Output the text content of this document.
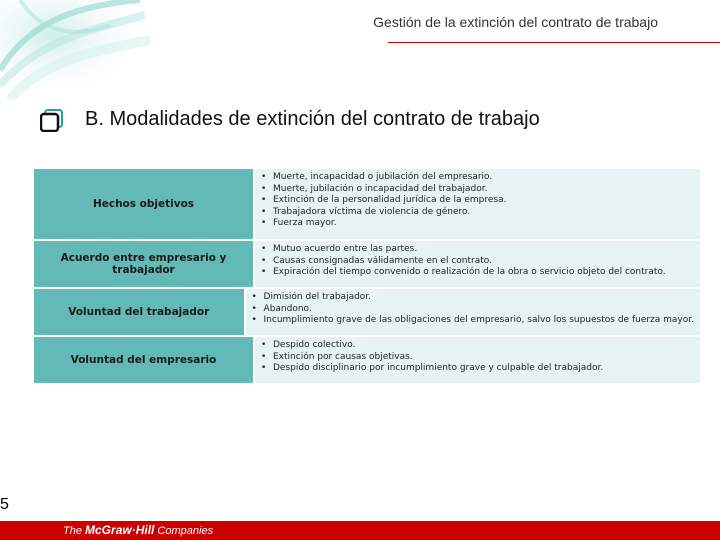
Gestión de la extinción del contrato de trabajo
B. Modalidades de extinción del contrato de trabajo
Hechos objetivos
• Muerte, incapacidad o jubilación del empresario.
• Muerte, jubilación o incapacidad del trabajador.
• Extinción de la personalidad jurídica de la empresa.
• Trabajadora víctima de violencia de género.
• Fuerza mayor.
Acuerdo entre empresario y trabajador
• Mutuo acuerdo entre las partes.
• Causas consignadas válidamente en el contrato.
• Expiración del tiempo convenido o realización de la obra o servicio objeto del contrato.
Voluntad del trabajador
• Dimisión del trabajador.
• Abandono.
• Incumplimiento grave de las obligaciones del empresario, salvo los supuestos de fuerza mayor.
Voluntad del empresario
• Despido colectivo.
• Extinción por causas objetivas.
• Despido disciplinario por incumplimiento grave y culpable del trabajador.
5
The McGraw·Hill Companies
